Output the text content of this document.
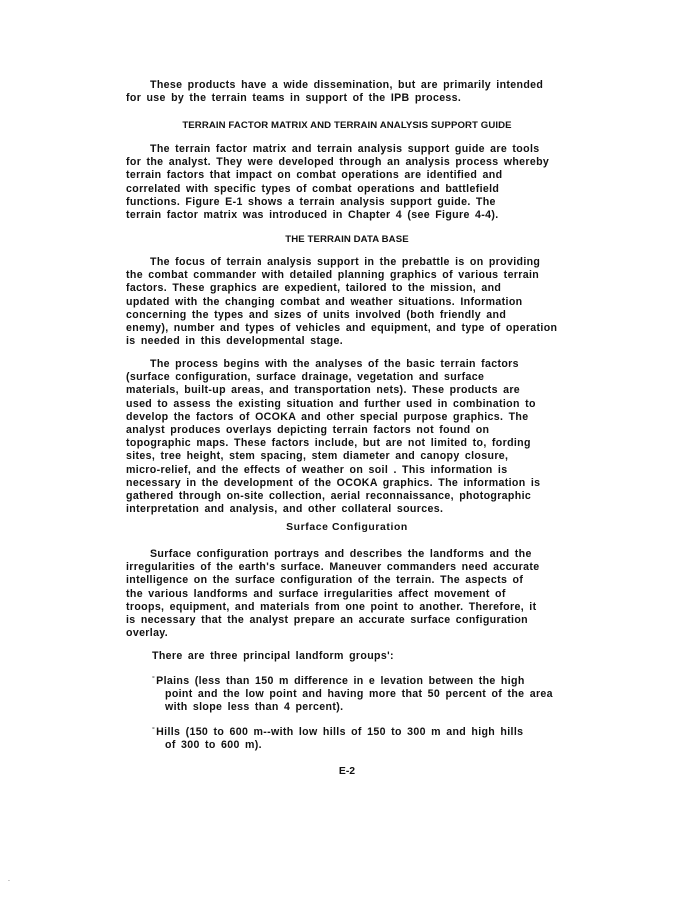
These products have a wide dissemination, but are primarily intended
for use by the terrain teams in support of the IPB process.
TERRAIN FACTOR MATRIX AND TERRAIN ANALYSIS SUPPORT GUIDE
The terrain factor matrix and terrain analysis support guide are tools
for the analyst. They were developed through an analysis process whereby
terrain factors that impact on combat operations are identified and
correlated with specific types of combat operations and battlefield
functions. Figure E-1 shows a terrain analysis support guide. The
terrain factor matrix was introduced in Chapter 4 (see Figure 4-4).
THE TERRAIN DATA BASE
The focus of terrain analysis support in the prebattle is on providing
the combat commander with detailed planning graphics of various terrain
factors. These graphics are expedient, tailored to the mission, and
updated with the changing combat and weather situations. Information
concerning the types and sizes of units involved (both friendly and
enemy), number and types of vehicles and equipment, and type of operation
is needed in this developmental stage.
The process begins with the analyses of the basic terrain factors
(surface configuration, surface drainage, vegetation and surface
materials, built-up areas, and transportation nets). These products are
used to assess the existing situation and further used in combination to
develop the factors of OCOKA and other special purpose graphics. The
analyst produces overlays depicting terrain factors not found on
topographic maps. These factors include, but are not limited to, fording
sites, tree height, stem spacing, stem diameter and canopy closure,
micro-relief, and the effects of weather on soil . This information is
necessary in the development of the OCOKA graphics. The information is
gathered through on-site collection, aerial reconnaissance, photographic
interpretation and analysis, and other collateral sources.
Surface Configuration
Surface configuration portrays and describes the landforms and the
irregularities of the earth's surface. Maneuver commanders need accurate
intelligence on the surface configuration of the terrain. The aspects of
the various landforms and surface irregularities affect movement of
troops, equipment, and materials from one point to another. Therefore, it
is necessary that the analyst prepare an accurate surface configuration
overlay.
There are three principal landform groups':
°Plains (less than 150 m difference in e levation between the high
point and the low point and having more that 50 percent of the area
with slope less than 4 percent).
°Hills (150 to 600 m--with low hills of 150 to 300 m and high hills
of 300 to 600 m).
E-2
.
